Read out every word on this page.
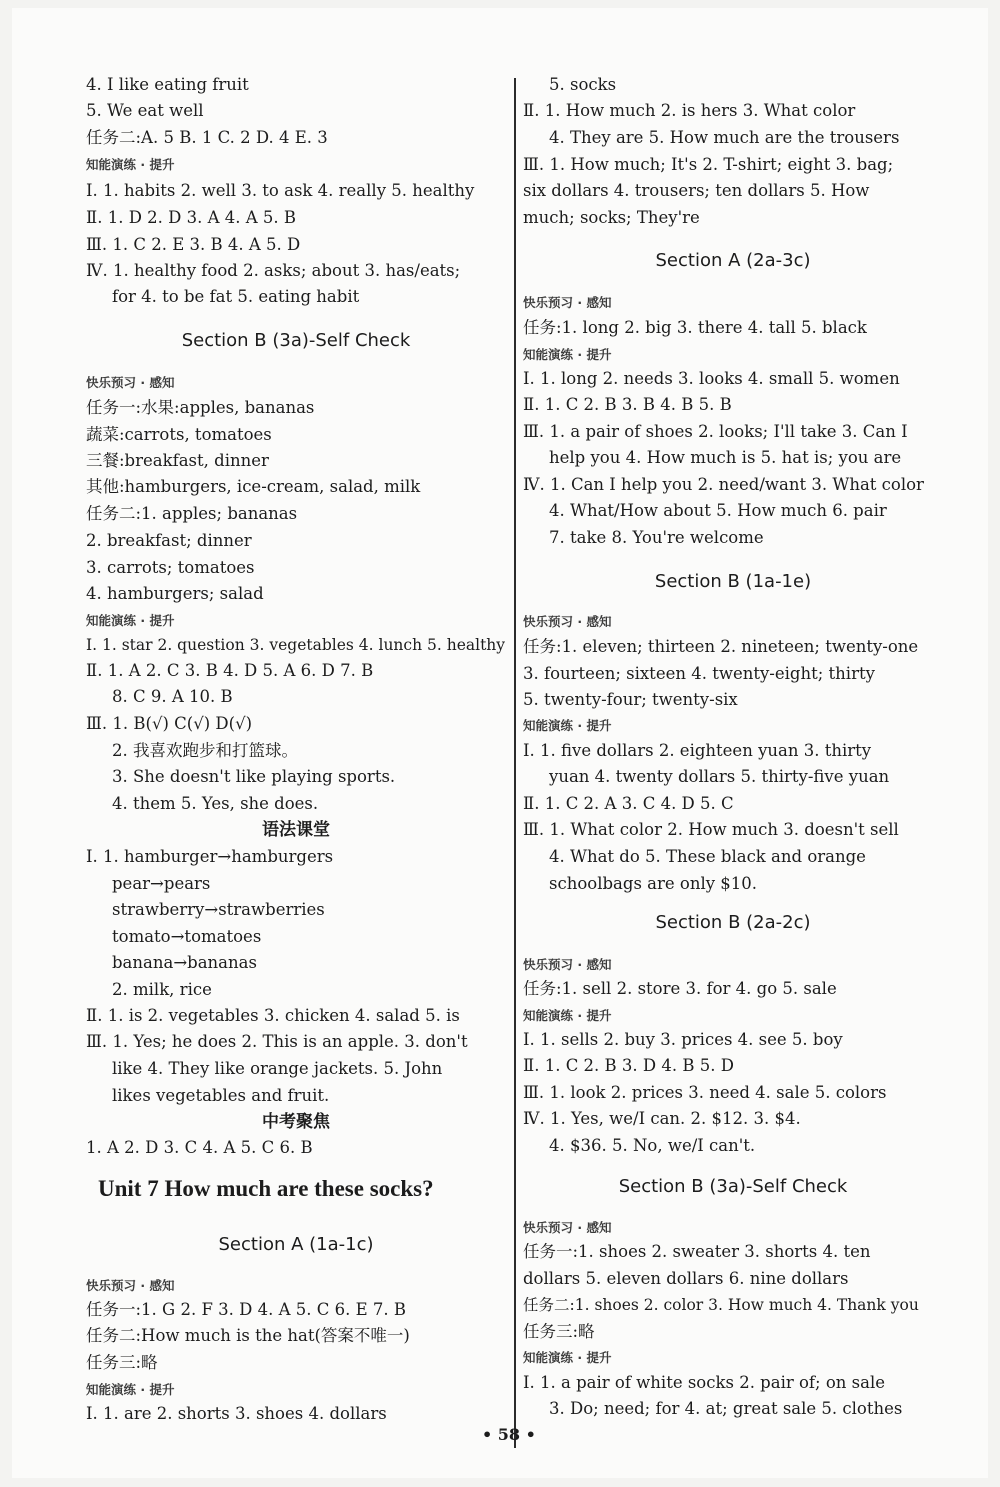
4. I like eating fruit
5. We eat well
任务二:A. 5 B. 1 C. 2 D. 4 E. 3
知能演练 · 提升
Ⅰ. 1. habits 2. well 3. to ask 4. really 5. healthy
Ⅱ. 1. D 2. D 3. A 4. A 5. B
Ⅲ. 1. C 2. E 3. B 4. A 5. D
Ⅳ. 1. healthy food 2. asks; about 3. has/eats;
for 4. to be fat 5. eating habit
Section B (3a)-Self Check
快乐预习 · 感知
任务一:水果:apples, bananas
蔬菜:carrots, tomatoes
三餐:breakfast, dinner
其他:hamburgers, ice-cream, salad, milk
任务二:1. apples; bananas
2. breakfast; dinner
3. carrots; tomatoes
4. hamburgers; salad
知能演练 · 提升
Ⅰ. 1. star 2. question 3. vegetables 4. lunch 5. healthy
Ⅱ. 1. A 2. C 3. B 4. D 5. A 6. D 7. B
8. C 9. A 10. B
Ⅲ. 1. B(√) C(√) D(√)
2. 我喜欢跑步和打篮球。
3. She doesn't like playing sports.
4. them 5. Yes, she does.
语法课堂
Ⅰ. 1. hamburger→hamburgers
pear→pears
strawberry→strawberries
tomato→tomatoes
banana→bananas
2. milk, rice
Ⅱ. 1. is 2. vegetables 3. chicken 4. salad 5. is
Ⅲ. 1. Yes; he does 2. This is an apple. 3. don't
like 4. They like orange jackets. 5. John
likes vegetables and fruit.
中考聚焦
1. A 2. D 3. C 4. A 5. C 6. B
Unit 7 How much are these socks?
Section A (1a-1c)
快乐预习 · 感知
任务一:1. G 2. F 3. D 4. A 5. C 6. E 7. B
任务二:How much is the hat(答案不唯一)
任务三:略
知能演练 · 提升
Ⅰ. 1. are 2. shorts 3. shoes 4. dollars
5. socks
Ⅱ. 1. How much 2. is hers 3. What color
4. They are 5. How much are the trousers
Ⅲ. 1. How much; It's 2. T-shirt; eight 3. bag;
six dollars 4. trousers; ten dollars 5. How
much; socks; They're
Section A (2a-3c)
快乐预习 · 感知
任务:1. long 2. big 3. there 4. tall 5. black
知能演练 · 提升
Ⅰ. 1. long 2. needs 3. looks 4. small 5. women
Ⅱ. 1. C 2. B 3. B 4. B 5. B
Ⅲ. 1. a pair of shoes 2. looks; I'll take 3. Can I
help you 4. How much is 5. hat is; you are
Ⅳ. 1. Can I help you 2. need/want 3. What color
4. What/How about 5. How much 6. pair
7. take 8. You're welcome
Section B (1a-1e)
快乐预习 · 感知
任务:1. eleven; thirteen 2. nineteen; twenty-one
3. fourteen; sixteen 4. twenty-eight; thirty
5. twenty-four; twenty-six
知能演练 · 提升
Ⅰ. 1. five dollars 2. eighteen yuan 3. thirty
yuan 4. twenty dollars 5. thirty-five yuan
Ⅱ. 1. C 2. A 3. C 4. D 5. C
Ⅲ. 1. What color 2. How much 3. doesn't sell
4. What do 5. These black and orange
schoolbags are only $10.
Section B (2a-2c)
快乐预习 · 感知
任务:1. sell 2. store 3. for 4. go 5. sale
知能演练 · 提升
Ⅰ. 1. sells 2. buy 3. prices 4. see 5. boy
Ⅱ. 1. C 2. B 3. D 4. B 5. D
Ⅲ. 1. look 2. prices 3. need 4. sale 5. colors
Ⅳ. 1. Yes, we/I can. 2. $12. 3. $4.
4. $36. 5. No, we/I can't.
Section B (3a)-Self Check
快乐预习 · 感知
任务一:1. shoes 2. sweater 3. shorts 4. ten
dollars 5. eleven dollars 6. nine dollars
任务二:1. shoes 2. color 3. How much 4. Thank you
任务三:略
知能演练 · 提升
Ⅰ. 1. a pair of white socks 2. pair of; on sale
3. Do; need; for 4. at; great sale 5. clothes
• 58 •
